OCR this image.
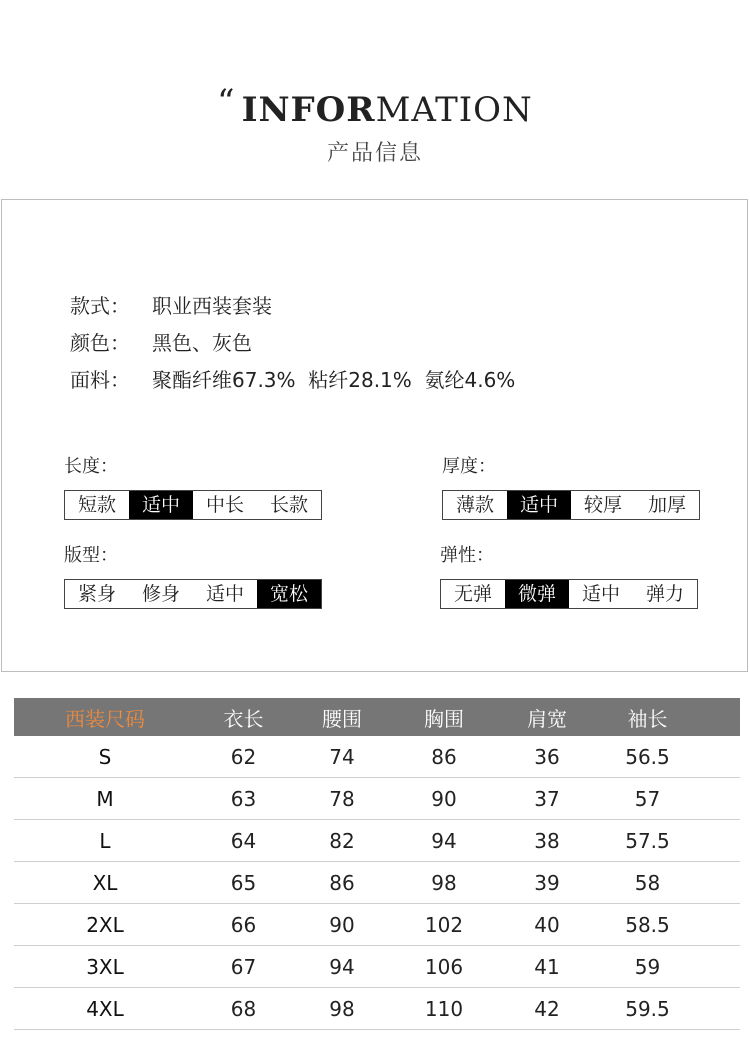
“ INFORMATION
产品信息
款式： 职业西装套装
颜色： 黑色、灰色
面料： 聚酯纤维67.3%  粘纤28.1%  氨纶4.6%
长度：
短款	适中	中长	长款
厚度：
薄款	适中	较厚	加厚
版型：
紧身	修身	适中	宽松
弹性：
无弹	微弹	适中	弹力
西装尺码	衣长	腰围	胸围	肩宽	袖长
S	62	74	86	36	56.5
M	63	78	90	37	57
L	64	82	94	38	57.5
XL	65	86	98	39	58
2XL	66	90	102	40	58.5
3XL	67	94	106	41	59
4XL	68	98	110	42	59.5
